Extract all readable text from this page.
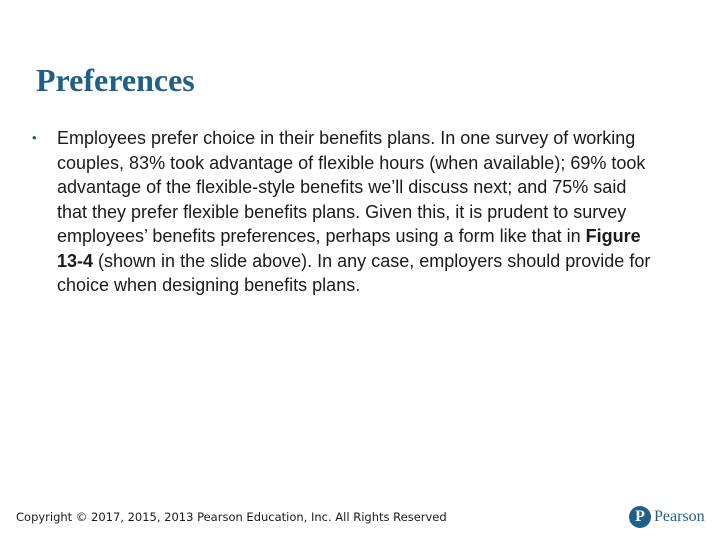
Preferences
•	Employees prefer choice in their benefits plans. In one survey of working couples, 83% took advantage of flexible hours (when available); 69% took advantage of the flexible-style benefits we’ll discuss next; and 75% said that they prefer flexible benefits plans. Given this, it is prudent to survey employees’ benefits preferences, perhaps using a form like that in Figure 13-4 (shown in the slide above). In any case, employers should provide for choice when designing benefits plans.

Copyright © 2017, 2015, 2013 Pearson Education, Inc. All Rights Reserved	P Pearson
